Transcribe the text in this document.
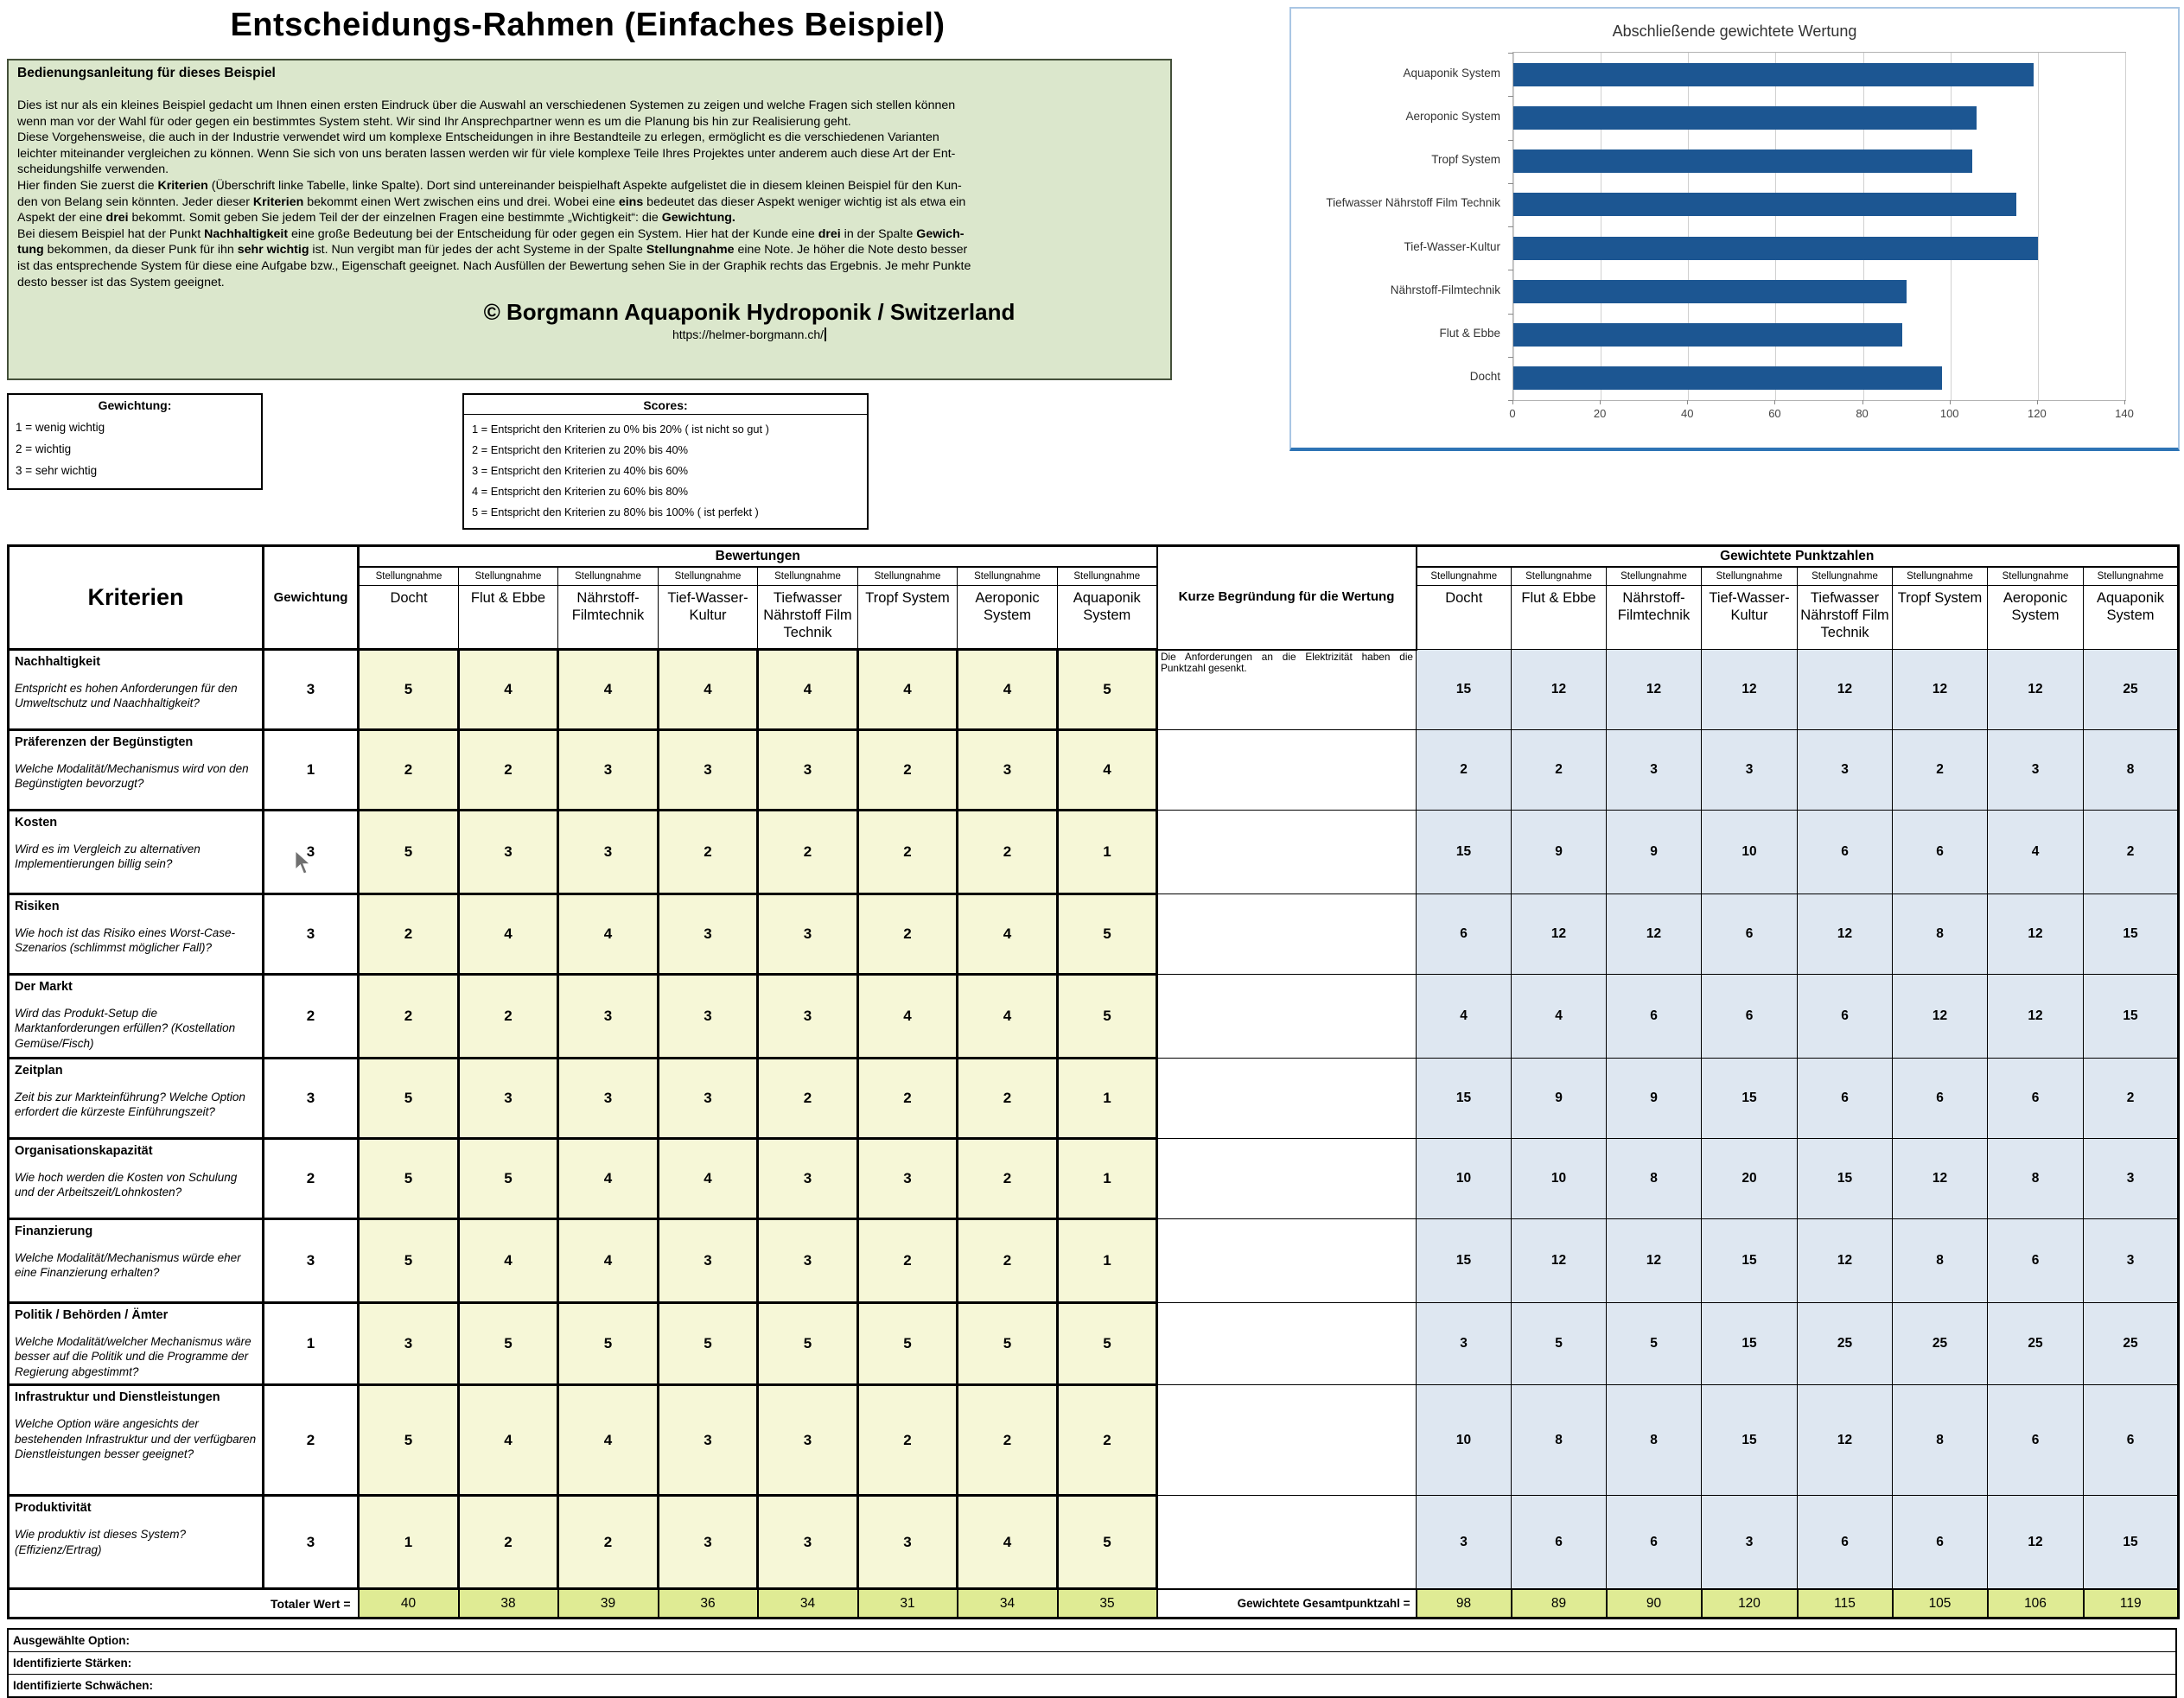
Entscheidungs-Rahmen (Einfaches Beispiel)
Bedienungsanleitung für dieses Beispiel
Dies ist nur als ein kleines Beispiel gedacht um Ihnen einen ersten Eindruck über die Auswahl an verschiedenen Systemen zu zeigen und welche Fragen sich stellen können
wenn man vor der Wahl für oder gegen ein bestimmtes System steht. Wir sind Ihr Ansprechpartner wenn es um die Planung bis hin zur Realisierung geht.
Diese Vorgehensweise, die auch in der Industrie verwendet wird um komplexe Entscheidungen in ihre Bestandteile zu erlegen, ermöglicht es die verschiedenen Varianten
leichter miteinander vergleichen zu können. Wenn Sie sich von uns beraten lassen werden wir für viele komplexe Teile Ihres Projektes unter anderem auch diese Art der Ent-
scheidungshilfe verwenden.
Hier finden Sie zuerst die Kriterien (Überschrift linke Tabelle, linke Spalte). Dort sind untereinander beispielhaft Aspekte aufgelistet die in diesem kleinen Beispiel für den Kun-
den von Belang sein könnten. Jeder dieser Kriterien bekommt einen Wert zwischen eins und drei. Wobei eine eins bedeutet das dieser Aspekt weniger wichtig ist als etwa ein
Aspekt der eine drei bekommt. Somit geben Sie jedem Teil der der einzelnen Fragen eine bestimmte „Wichtigkeit“: die Gewichtung.
Bei diesem Beispiel hat der Punkt Nachhaltigkeit eine große Bedeutung bei der Entscheidung für oder gegen ein System. Hier hat der Kunde eine drei in der Spalte Gewich-
tung bekommen, da dieser Punk für ihn sehr wichtig ist. Nun vergibt man für jedes der acht Systeme in der Spalte Stellungnahme eine Note. Je höher die Note desto besser
ist das entsprechende System für diese eine Aufgabe bzw., Eigenschaft geeignet. Nach Ausfüllen der Bewertung sehen Sie in der Graphik rechts das Ergebnis. Je mehr Punkte
desto besser ist das System geeignet.
© Borgmann Aquaponik Hydroponik / Switzerland
https://helmer-borgmann.ch/
Gewichtung:
1 = wenig wichtig
2 = wichtig
3 = sehr wichtig
Scores:
1 = Entspricht den Kriterien zu 0% bis 20% ( ist nicht so gut )
2 = Entspricht den Kriterien zu 20% bis 40%
3 = Entspricht den Kriterien zu 40% bis 60%
4 = Entspricht den Kriterien zu 60% bis 80%
5 = Entspricht den Kriterien zu 80% bis 100% ( ist perfekt )
Abschließende gewichtete Wertung
Aquaponik System
Aeroponic System
Tropf System
Tiefwasser Nährstoff Film Technik
Tief-Wasser-Kultur
Nährstoff-Filmtechnik
Flut & Ebbe
Docht
0	20	40	60	80	100	120	140
Kriterien	Gewichtung	Bewertungen								Kurze Begründung für die Wertung	Gewichtete Punktzahlen							
		Stellungnahme	Stellungnahme	Stellungnahme	Stellungnahme	Stellungnahme	Stellungnahme	Stellungnahme	Stellungnahme		Stellungnahme	Stellungnahme	Stellungnahme	Stellungnahme	Stellungnahme	Stellungnahme	Stellungnahme	Stellungnahme
		Docht	Flut & Ebbe	Nährstoff-Filmtechnik	Tief-Wasser-Kultur	Tiefwasser Nährstoff Film Technik	Tropf System	Aeroponic System	Aquaponik System		Docht	Flut & Ebbe	Nährstoff-Filmtechnik	Tief-Wasser-Kultur	Tiefwasser Nährstoff Film Technik	Tropf System	Aeroponic System	Aquaponik System

Nachhaltigkeit
Entspricht es hohen Anforderungen für den Umweltschutz und Naachhaltigkeit?	3	5	4	4	4	4	4	4	5	Die Anforderungen an die Elektrizität haben die Punktzahl gesenkt.	15	12	12	12	12	12	12	25

Präferenzen der Begünstigten
Welche Modalität/Mechanismus wird von den Begünstigten bevorzugt?	1	2	2	3	3	3	2	3	4		2	2	3	3	3	2	3	8

Kosten
Wird es im Vergleich zu alternativen Implementierungen billig sein?	3	5	3	3	2	2	2	2	1		15	9	9	10	6	6	4	2

Risiken
Wie hoch ist das Risiko eines Worst-Case-Szenarios (schlimmst möglicher Fall)?	3	2	4	4	3	3	2	4	5		6	12	12	6	12	8	12	15

Der Markt
Wird das Produkt-Setup die Marktanforderungen erfüllen? (Kostellation Gemüse/Fisch)	2	2	2	3	3	3	4	4	5		4	4	6	6	6	12	12	15

Zeitplan
Zeit bis zur Markteinführung? Welche Option erfordert die kürzeste Einführungszeit?	3	5	3	3	3	2	2	2	1		15	9	9	15	6	6	6	2

Organisationskapazität
Wie hoch werden die Kosten von Schulung und der Arbeitszeit/Lohnkosten?	2	5	5	4	4	3	3	2	1		10	10	8	20	15	12	8	3

Finanzierung
Welche Modalität/Mechanismus würde eher eine Finanzierung erhalten?	3	5	4	4	3	3	2	2	1		15	12	12	15	12	8	6	3

Politik / Behörden / Ämter
Welche Modalität/welcher Mechanismus wäre besser auf die Politik und die Programme der Regierung abgestimmt?	1	3	5	5	5	5	5	5	5		3	5	5	15	25	25	25	25

Infrastruktur und Dienstleistungen
Welche Option wäre angesichts der bestehenden Infrastruktur und der verfügbaren Dienstleistungen besser geeignet?	2	5	4	4	3	3	2	2	2		10	8	8	15	12	8	6	6

Produktivität
Wie produktiv ist dieses System? (Effizienz/Ertrag)	3	1	2	2	3	3	3	4	5		3	6	6	3	6	6	12	15
Totaler Wert =		40	38	39	36	34	31	34	35	Gewichtete Gesamtpunktzahl =	98	89	90	120	115	105	106	119
Ausgewählte Option:
Identifizierte Stärken:
Identifizierte Schwächen:
